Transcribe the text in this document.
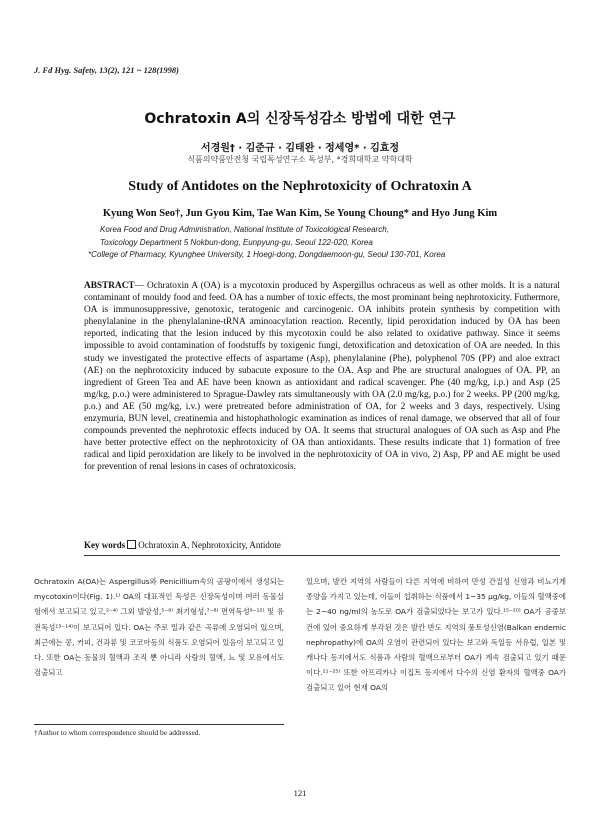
J. Fd Hyg. Safety, 13(2), 121 ~ 128(1998)
Ochratoxin A의 신장독성감소 방법에 대한 연구
서경원† · 김준규 · 김태완 · 정세영* · 김효정
식품의약품안전청 국립독성연구소 독성부, *경희대학교 약학대학
Study of Antidotes on the Nephrotoxicity of Ochratoxin A
Kyung Won Seo†, Jun Gyou Kim, Tae Wan Kim, Se Young Choung* and Hyo Jung Kim
Korea Food and Drug Administration, National Institute of Toxicological Research,
Toxicology Department 5 Nokbun-dong, Eunpyung-gu, Seoul 122-020, Korea
*College of Pharmacy, Kyunghee University, 1 Hoegi-dong, Dongdaemoon-gu, Seoul 130-701, Korea
ABSTRACT— Ochratoxin A (OA) is a mycotoxin produced by Aspergillus ochraceus as well as other molds. It is a natural contaminant of mouldy food and feed. OA has a number of toxic effects, the most prominant being nephrotoxicity. Futhermore, OA is immunosuppressive, genotoxic, teratogenic and carcinogenic. OA inhibits protein synthesis by competition with phenylalanine in the phenylalanine-tRNA aminoacylation reaction. Recently, lipid peroxidation induced by OA has been reported, indicating that the lesion induced by this mycotoxin could be also related to oxidative pathway. Since it seems impossible to avoid contamination of foodstuffs by toxigenic fungi, detoxification and detoxication of OA are needed. In this study we investigated the protective effects of aspartame (Asp), phenylalanine (Phe), polyphenol 70S (PP) and aloe extract (AE) on the nephrotoxicity induced by subacute exposure to the OA. Asp and Phe are structural analogues of OA. PP, an ingredient of Green Tea and AE have been known as antioxidant and radical scavenger. Phe (40 mg/kg, i.p.) and Asp (25 mg/kg, p.o.) were administered to Sprague-Dawley rats simultaneously with OA (2.0 mg/kg, p.o.) for 2 weeks. PP (200 mg/kg, p.o.) and AE (50 mg/kg, i.v.) were pretreated before administration of OA, for 2 weeks and 3 days, respectively. Using enzymuria, BUN level, creatinemia and histophathologic examination as indices of renal damage, we observed that all of four compounds prevented the nephrotoxic effects induced by OA. It seems that structural analogues of OA such as Asp and Phe have better protective effect on the nephrotoxicity of OA than antioxidants. These results indicate that 1) formation of free radical and lipid peroxidation are likely to be involved in the nephrotoxicity of OA in vivo, 2) Asp, PP and AE might be used for prevention of renal lesions in cases of ochratoxicosis.
Key words Ochratoxin A, Nephrotoxicity, Antidote
Ochratoxin A(OA)는 Aspergillus와 Penicillium속의 곰팡이에서 생성되는 mycotoxin이다(Fig. 1).¹⁾ OA의 대표적인 독성은 신장독성이며 여러 동물실험에서 보고되고 있고,²⁻⁴⁾ 그외 발암성,⁵⁻⁶⁾ 최기형성,⁷⁻⁸⁾ 면역독성⁹⁻¹²⁾ 및 유전독성¹³⁻¹⁴⁾이 보고되어 있다. OA는 주로 밀과 같은 곡류에 오염되어 있으며, 최근에는 콩, 커피, 건과류 및 코코아등의 식품도 오염되어 있음이 보고되고 있다. 또한 OA는 동물의 혈액과 조직 뿐 아니라 사람의 혈액, 뇨 및 모유에서도 검출되고
있으며, 발칸 지역의 사람들이 다른 지역에 비하여 만성 간질성 신염과 비뇨기계 종양을 가지고 있는데, 이들이 섭취하는 식품에서 1~35 μg/kg, 이들의 혈액중에는 2~40 ng/ml의 농도로 OA가 검출되었다는 보고가 있다.¹⁵⁻²⁰⁾ OA가 공중보건에 있어 중요하게 부각된 것은 발칸 반도 지역의 풍토성신염(Balkan endemic nephropathy)에 OA의 오염이 관련되어 있다는 보고와 독일등 서유럽, 일본 및 캐나다 등지에서도 식품과 사람의 혈액으로부터 OA가 계속 검출되고 있기 때문이다.²¹⁻²⁵⁾ 또한 아프리카나 이집트 등지에서 다수의 신염 환자의 혈액중 OA가 검출되고 있어 현재 OA의
†Author to whom correspondence should be addressed.
121
